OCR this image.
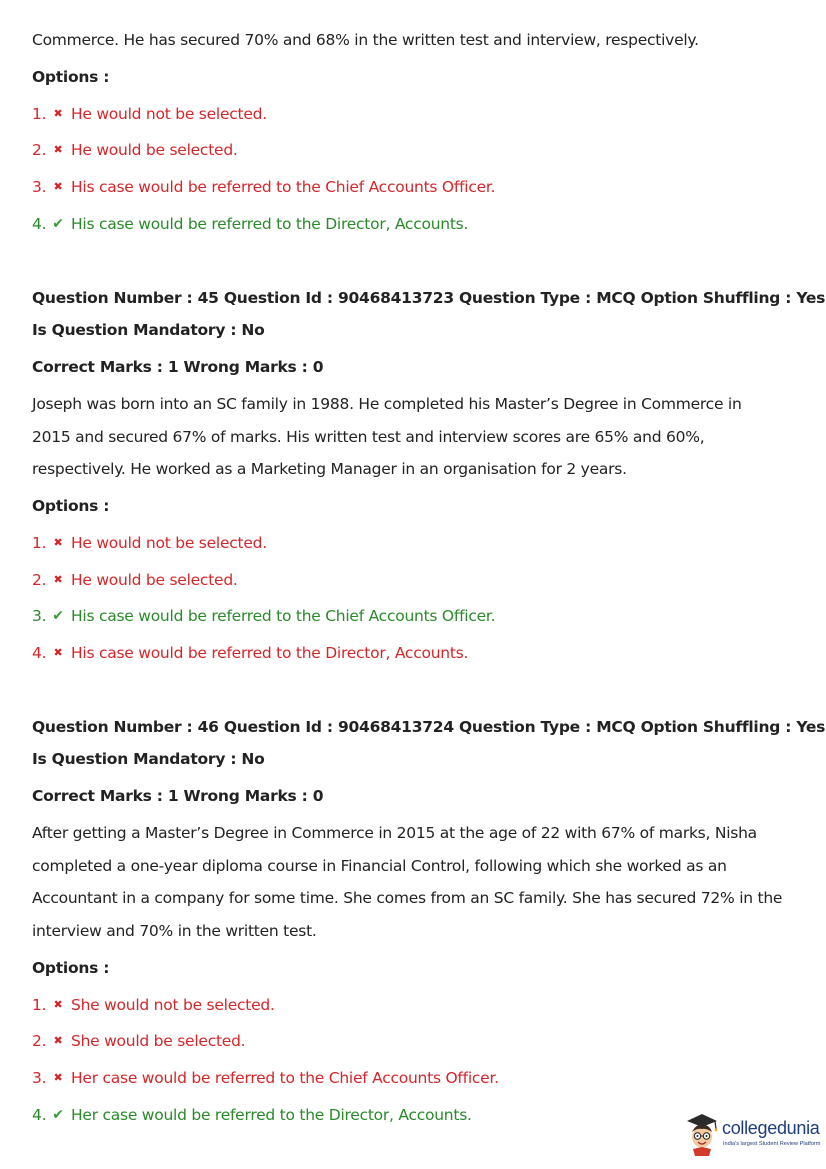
Commerce. He has secured 70% and 68% in the written test and interview, respectively.
Options :
1. ✖ He would not be selected.
2. ✖ He would be selected.
3. ✖ His case would be referred to the Chief Accounts Officer.
4. ✔ His case would be referred to the Director, Accounts.
Question Number : 45 Question Id : 90468413723 Question Type : MCQ Option Shuffling : Yes
Is Question Mandatory : No
Correct Marks : 1 Wrong Marks : 0
Joseph was born into an SC family in 1988. He completed his Master’s Degree in Commerce in
2015 and secured 67% of marks. His written test and interview scores are 65% and 60%,
respectively. He worked as a Marketing Manager in an organisation for 2 years.
Options :
1. ✖ He would not be selected.
2. ✖ He would be selected.
3. ✔ His case would be referred to the Chief Accounts Officer.
4. ✖ His case would be referred to the Director, Accounts.
Question Number : 46 Question Id : 90468413724 Question Type : MCQ Option Shuffling : Yes
Is Question Mandatory : No
Correct Marks : 1 Wrong Marks : 0
After getting a Master’s Degree in Commerce in 2015 at the age of 22 with 67% of marks, Nisha
completed a one-year diploma course in Financial Control, following which she worked as an
Accountant in a company for some time. She comes from an SC family. She has secured 72% in the
interview and 70% in the written test.
Options :
1. ✖ She would not be selected.
2. ✖ She would be selected.
3. ✖ Her case would be referred to the Chief Accounts Officer.
4. ✔ Her case would be referred to the Director, Accounts.
collegedunia
India's largest Student Review Platform
